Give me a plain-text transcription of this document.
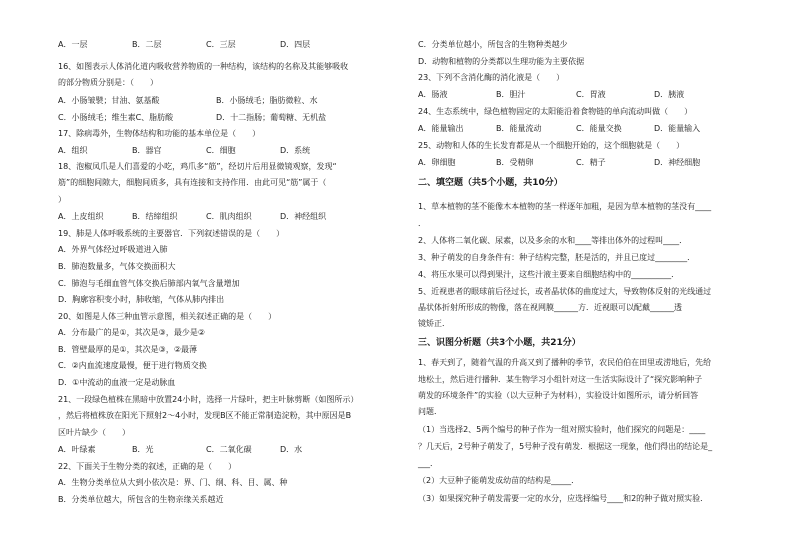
A．一层	B．二层	C．三层	D．四层
16、如图表示人体消化道内吸收营养物质的一种结构，该结构的名称及其能够吸收
的部分物质分别是：（　　）
A．小肠皱襞；甘油、氨基酸	B．小肠绒毛；脂肪微粒、水
C．小肠绒毛；维生素C、脂肪酸	D．十二指肠；葡萄糖、无机盐
17、除病毒外，生物体结构和功能的基本单位是（　　）
A．组织	B．器官	C．细胞	D．系统
18、泡椒凤爪是人们喜爱的小吃，鸡爪多“筋”，经切片后用显微镜观察，发现“
筋”的细胞间隙大，细胞间质多，具有连接和支持作用．由此可见“筋”属于（
）
A．上皮组织	B．结缔组织	C．肌肉组织	D．神经组织
19、肺是人体呼吸系统的主要器官．下列叙述错误的是（　　）
A．外界气体经过呼吸道进入肺
B．肺泡数量多，气体交换面积大
C．肺泡与毛细血管气体交换后肺部内氧气含量增加
D．胸廓容积变小时，肺收缩，气体从肺内排出
20、如图是人体三种血管示意图，相关叙述正确的是（　　）
A．分布最广的是①，其次是③，最少是②
B．管壁最厚的是①，其次是③，②最薄
C．②内血流速度最慢，便于进行物质交换
D．①中流动的血液一定是动脉血
21、一段绿色植株在黑暗中放置24小时，选择一片绿叶，把主叶脉剪断（如图所示）
，然后将植株放在阳光下照射2～4小时，发现B区不能正常制造淀粉，其中原因是B
区叶片缺少（　　）
A．叶绿素	B．光	C．二氧化碳	D．水
22、下面关于生物分类的叙述，正确的是（　　）
A．生物分类单位从大到小依次是：界、门、纲、科、目、属、种
B．分类单位越大，所包含的生物亲缘关系越近
C．分类单位越小，所包含的生物种类越少
D．动物和植物的分类都以生理功能为主要依据
23、下列不含消化酶的消化液是（　　）
A．肠液	B．胆汁	C．胃液	D．胰液
24、生态系统中，绿色植物固定的太阳能沿着食物链的单向流动叫做（　　）
A．能量输出	B．能量流动	C．能量交换	D．能量输入
25、动物和人体的生长发育都是从一个细胞开始的，这个细胞就是（　　）
A．卵细胞	B．受精卵	C．精子	D．神经细胞
二、填空题（共5个小题，共10分）
1、草本植物的茎不能像木本植物的茎一样逐年加粗，是因为草本植物的茎没有____
．
2、人体将二氧化碳、尿素，以及多余的水和____等排出体外的过程叫____．
3、种子萌发的自身条件有：种子结构完整，胚是活的，并且已度过________．
4、将压水果可以得到果汁，这些汁液主要来自细胞结构中的__________．
5、近视患者的眼球前后径过长，或者晶状体的曲度过大，导致物体反射的光线通过
晶状体折射所形成的物像，落在视网膜______方．近视眼可以配戴______透
镜矫正．
三、识图分析题（共3个小题，共21分）
1、春天到了，随着气温的升高又到了播种的季节，农民伯伯在田里或涝地后，先给
地松土，然后进行播种．某生物学习小组针对这一生活实际设计了“探究影响种子
萌发的环境条件”的实验（以大豆种子为材料），实验设计如图所示，请分析回答
问题．
（1）当选择2、5两个编号的种子作为一组对照实验时，他们探究的问题是：____
？几天后，2号种子萌发了，5号种子没有萌发．根据这一现象，他们得出的结论是_
___．
（2）大豆种子能萌发成幼苗的结构是_____．
（3）如果探究种子萌发需要一定的水分，应选择编号____和2的种子做对照实验．
